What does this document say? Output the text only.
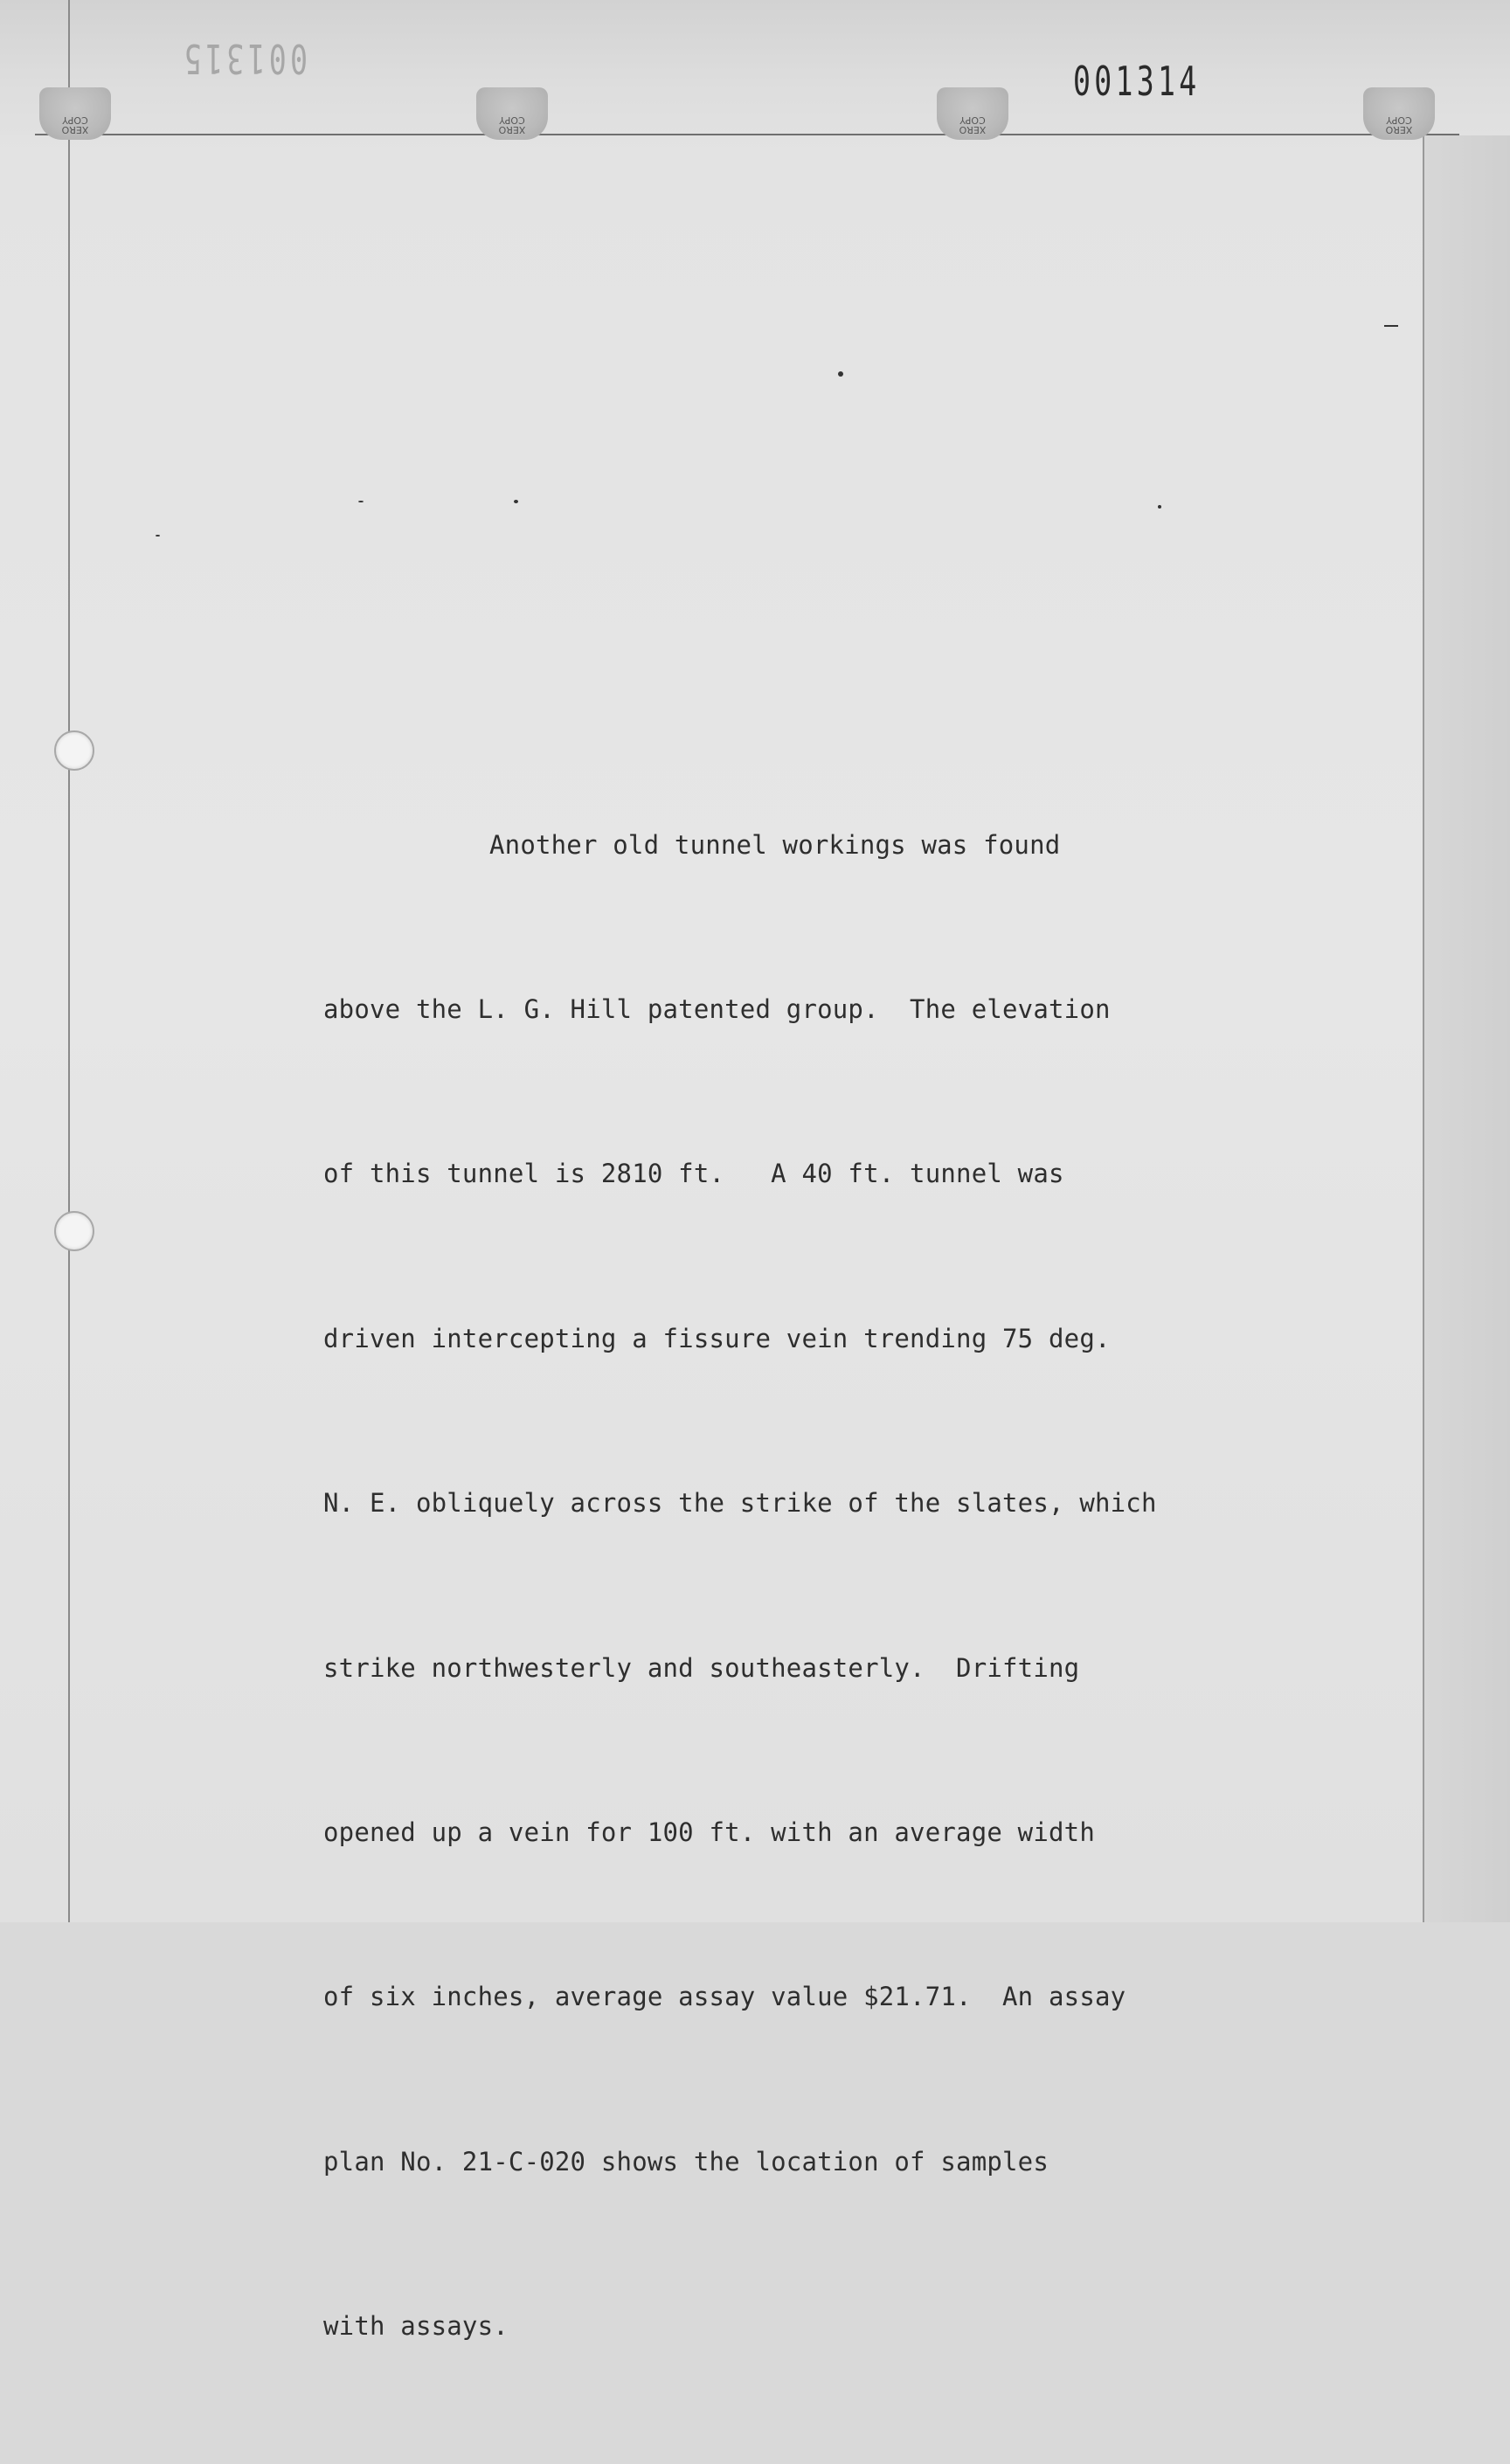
001315	001314
XERO
COPY
XERO
COPY
XERO
COPY
XERO
COPY

Another old tunnel workings was found

above the L. G. Hill patented group.  The elevation

of this tunnel is 2810 ft.   A 40 ft. tunnel was

driven intercepting a fissure vein trending 75 deg.

N. E. obliquely across the strike of the slates, which

strike northwesterly and southeasterly.  Drifting

opened up a vein for 100 ft. with an average width

of six inches, average assay value $21.71.  An assay

plan No. 21-C-020 shows the location of samples

with assays.
